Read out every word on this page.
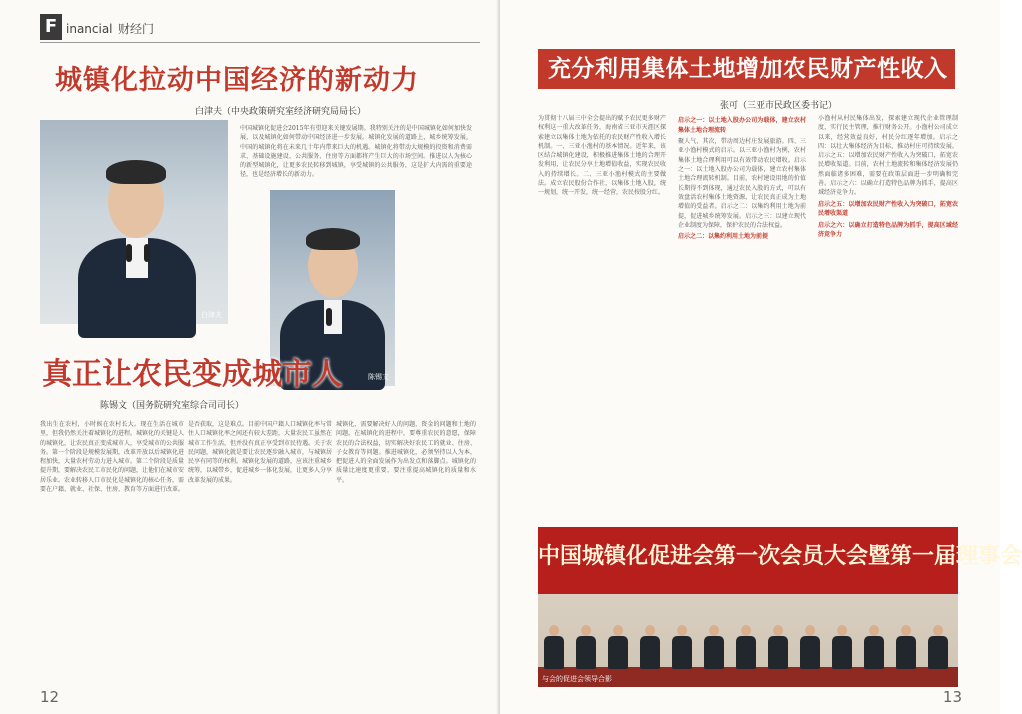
F inancial 财经门
城镇化拉动中国经济的新动力
白津夫（中央政策研究室经济研究局局长）
白津夫
中国城镇化促进会2015年有望迎来关键发展期。我特别关注的是中国城镇化如何加快发展，以及城镇化如何带动中国经济进一步发展。城镇化发展的道路上，城乡统筹发展，中国的城镇化将在未来几十年内带来巨大的机遇。城镇化将带动大规模的投资和消费需求，基础设施建设、公共服务、住房等方面都将产生巨大的市场空间。推进以人为核心的新型城镇化，让更多农民转移到城镇，享受城镇的公共服务，这是扩大内需的重要途径，也是经济增长的新动力。
陈锡文
真正让农民变成城市人
陈锡文（国务院研究室综合司司长）
我出生在农村，小时候在农村长大。现在生活在城市里，但我仍然关注着城镇化的进程。城镇化的关键是人的城镇化，让农民真正变成城市人，享受城市的公共服务。第一个阶段是规模发展期，改革开放以后城镇化进程加快，大量农村劳动力进入城市。第二个阶段是质量提升期，要解决农民工市民化的问题，让他们在城市安居乐业。农业转移人口市民化是城镇化的核心任务，需要在户籍、就业、社保、住房、教育等方面进行改革。
是否获取，这是难点。目前中国户籍人口城镇化率与常住人口城镇化率之间还有较大差距，大量农民工虽然在城市工作生活，但并没有真正享受到市民待遇。关于农民问题，城镇化就是要让农民逐步融入城市，与城镇居民享有同等的权利。城镇化发展的道路，应该注重城乡统筹，以城带乡，促进城乡一体化发展，让更多人分享改革发展的成果。
城镇化，需要解决好人的问题，资金的问题和土地的问题。在城镇化的进程中，要尊重农民的意愿，保障农民的合法权益，切实解决好农民工的就业、住房、子女教育等问题。推进城镇化，必须坚持以人为本，把促进人的全面发展作为出发点和落脚点。城镇化的质量比速度更重要，要注重提高城镇化的质量和水平。
12
充分利用集体土地增加农民财产性收入
张可（三亚市民政区委书记）
为贯彻十八届三中全会提出的赋予农民更多财产权利这一重大改革任务，海南省三亚市天涯区探索建立以集体土地为依托的农民财产性收入增长机制。一、三亚小渔村的基本情况。近年来，该区结合城镇化建设，积极推进集体土地的合理开发利用，让农民分享土地增值收益，实现农民收入的持续增长。二、三亚小渔村模式的主要做法。成立农民股份合作社，以集体土地入股，统一规划，统一开发，统一经营，农民按股分红。
启示之一：以土地入股办公司为载体，建立农村集体土地合理流转
聚人气，其次，带动周边村庄发展旅游。四、三亚小渔村模式的启示。以三亚小渔村为例，农村集体土地合理利用可以有效带动农民增收。启示之一：以土地入股办公司为载体，建立农村集体土地合理流转机制。目前，农村建设用地的价值长期得不到体现，通过农民入股的方式，可以有效盘活农村集体土地资源，让农民真正成为土地增值的受益者。启示之二：以集约利用土地为前提，促进城乡统筹发展。启示之三：以建立现代企业制度为保障，保护农民的合法权益。
启示之二：以集约利用土地为前提
小渔村从村民集体出发，探索建立现代企业管理制度，实行民主管理，推行财务公开。小渔村公司成立以来，经营效益良好，村民分红逐年增加。启示之四：以壮大集体经济为目标，推动村庄可持续发展。启示之五：以增加农民财产性收入为突破口，拓宽农民增收渠道。目前，农村土地流转和集体经济发展仍然面临诸多困难，需要在政策层面进一步明确和完善。启示之六：以确立打造特色品牌为抓手，提高区域经济竞争力。
启示之五：以增加农民财产性收入为突破口，拓宽农民增收渠道
启示之六：以确立打造特色品牌为抓手，提高区域经济竞争力
中国城镇化促进会第一次会员大会暨第一届理事会
与会的促进会领导合影
13
